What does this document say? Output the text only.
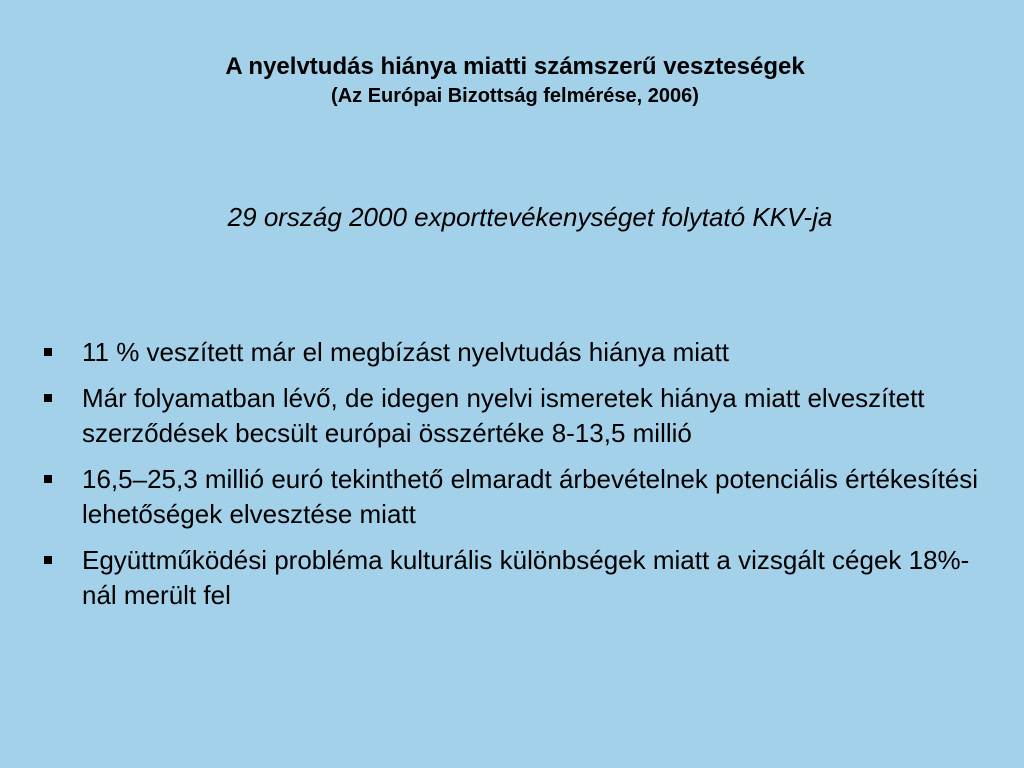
A nyelvtudás hiánya miatti számszerű veszteségek
(Az Európai Bizottság felmérése, 2006)
29 ország 2000 exporttevékenységet folytató KKV-ja
11 % veszített már el megbízást nyelvtudás hiánya miatt
Már folyamatban lévő, de idegen nyelvi ismeretek hiánya miatt elveszített szerződések becsült európai összértéke 8-13,5 millió
16,5–25,3 millió euró tekinthető elmaradt árbevételnek potenciális értékesítési lehetőségek elvesztése miatt
Együttműködési probléma kulturális különbségek miatt a vizsgált cégek 18%-nál merült fel
